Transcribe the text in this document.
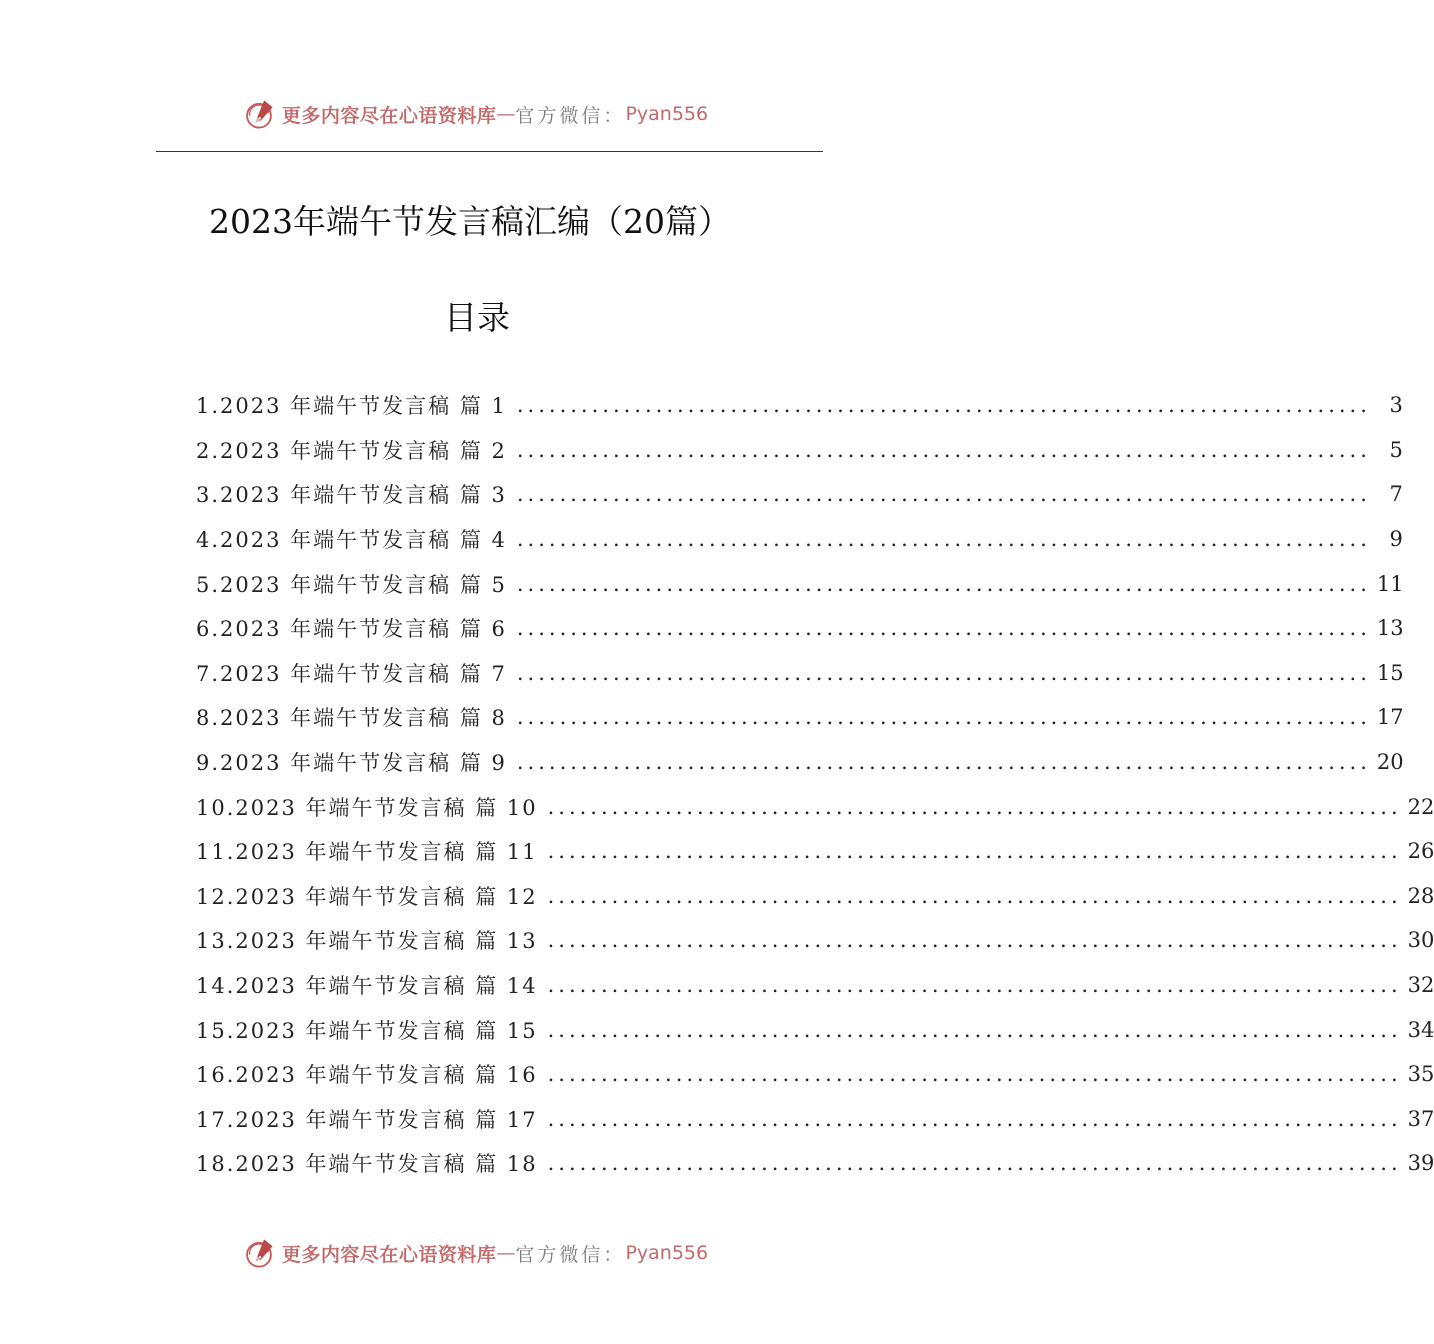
更多内容尽在心语资料库 — 官方微信： Pyan556
2023年端午节发言稿汇编（20篇）
目录
1.2023 年端午节发言稿 篇 1 ................................................................................ 3
2.2023 年端午节发言稿 篇 2 ................................................................................ 5
3.2023 年端午节发言稿 篇 3 ................................................................................ 7
4.2023 年端午节发言稿 篇 4 ................................................................................ 9
5.2023 年端午节发言稿 篇 5 ................................................................................ 11
6.2023 年端午节发言稿 篇 6 ................................................................................ 13
7.2023 年端午节发言稿 篇 7 ................................................................................ 15
8.2023 年端午节发言稿 篇 8 ................................................................................ 17
9.2023 年端午节发言稿 篇 9 ................................................................................ 20
10.2023 年端午节发言稿 篇 10 ................................................................................ 22
11.2023 年端午节发言稿 篇 11 ................................................................................ 26
12.2023 年端午节发言稿 篇 12 ................................................................................ 28
13.2023 年端午节发言稿 篇 13 ................................................................................ 30
14.2023 年端午节发言稿 篇 14 ................................................................................ 32
15.2023 年端午节发言稿 篇 15 ................................................................................ 34
16.2023 年端午节发言稿 篇 16 ................................................................................ 35
17.2023 年端午节发言稿 篇 17 ................................................................................ 37
18.2023 年端午节发言稿 篇 18 ................................................................................ 39
更多内容尽在心语资料库 — 官方微信： Pyan556
